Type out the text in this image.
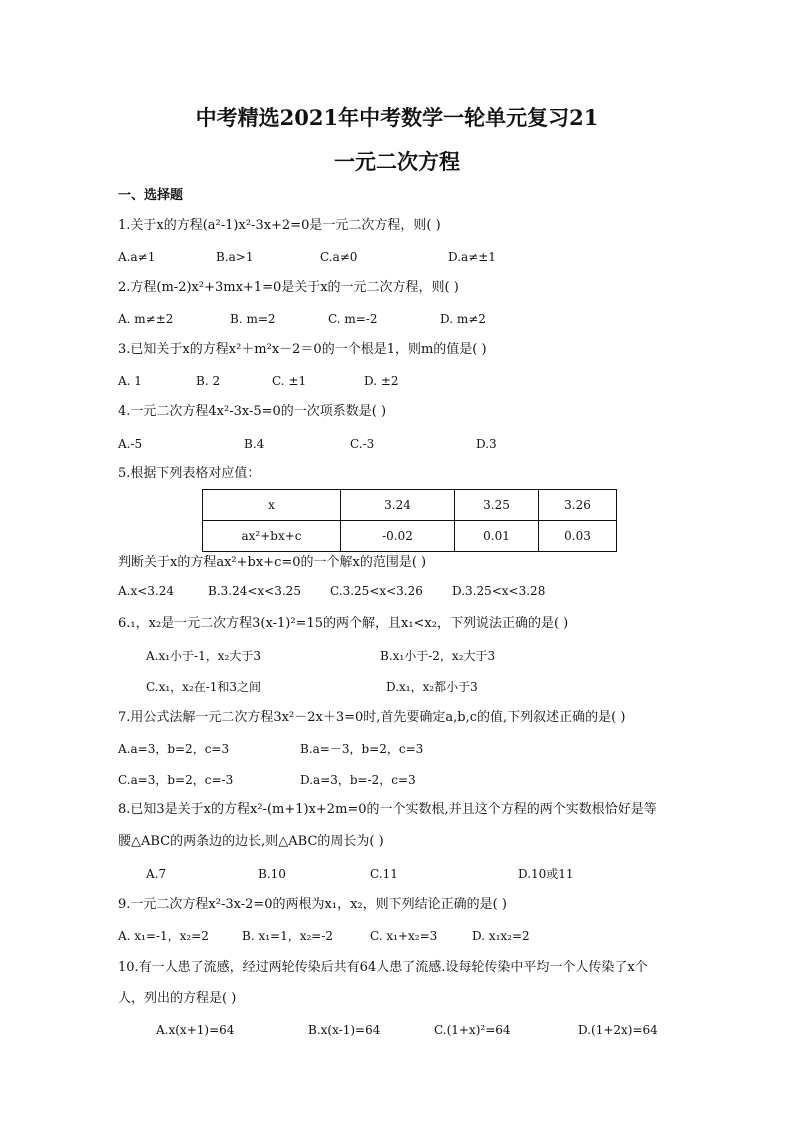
中考精选2021年中考数学一轮单元复习21
一元二次方程
一、选择题
1.关于x的方程(a²-1)x²-3x+2=0是一元二次方程，则( )
A.a≠1	B.a>1	C.a≠0	D.a≠±1
2.方程(m-2)x²+3mx+1=0是关于x的一元二次方程，则( )
A. m≠±2	B. m=2	C. m=-2	D. m≠2
3.已知关于x的方程x²＋m²x－2＝0的一个根是1，则m的值是( )
A. 1	B. 2	C. ±1	D. ±2
4.一元二次方程4x²-3x-5=0的一次项系数是( )
A.-5	B.4	C.-3	D.3
5.根据下列表格对应值：
x	3.24	3.25	3.26
ax²+bx+c	-0.02	0.01	0.03
判断关于x的方程ax²+bx+c=0的一个解x的范围是( )
A.x<3.24	B.3.24<x<3.25 C.3.25<x<3.26 D.3.25<x<3.28
6.₁，x₂是一元二次方程3(x-1)²=15的两个解，且x₁<x₂，下列说法正确的是( )
A.x₁小于-1，x₂大于3	B.x₁小于-2，x₂大于3
C.x₁，x₂在-1和3之间	D.x₁，x₂都小于3
7.用公式法解一元二次方程3x²－2x＋3=0时,首先要确定a,b,c的值,下列叙述正确的是( )
A.a=3，b=2，c=3	B.a=－3，b=2，c=3
C.a=3，b=2，c=-3	D.a=3，b=-2，c=3
8.已知3是关于x的方程x²-(m+1)x+2m=0的一个实数根,并且这个方程的两个实数根恰好是等
腰△ABC的两条边的边长,则△ABC的周长为( )
A.7	B.10	C.11	D.10或11
9.一元二次方程x²-3x-2=0的两根为x₁，x₂，则下列结论正确的是( )
A. x₁=-1，x₂=2	B. x₁=1，x₂=-2	C. x₁+x₂=3	D. x₁x₂=2
10.有一人患了流感，经过两轮传染后共有64人患了流感.设每轮传染中平均一个人传染了x个
人，列出的方程是( )
A.x(x+1)=64	B.x(x-1)=64	C.(1+x)²=64	D.(1+2x)=64
